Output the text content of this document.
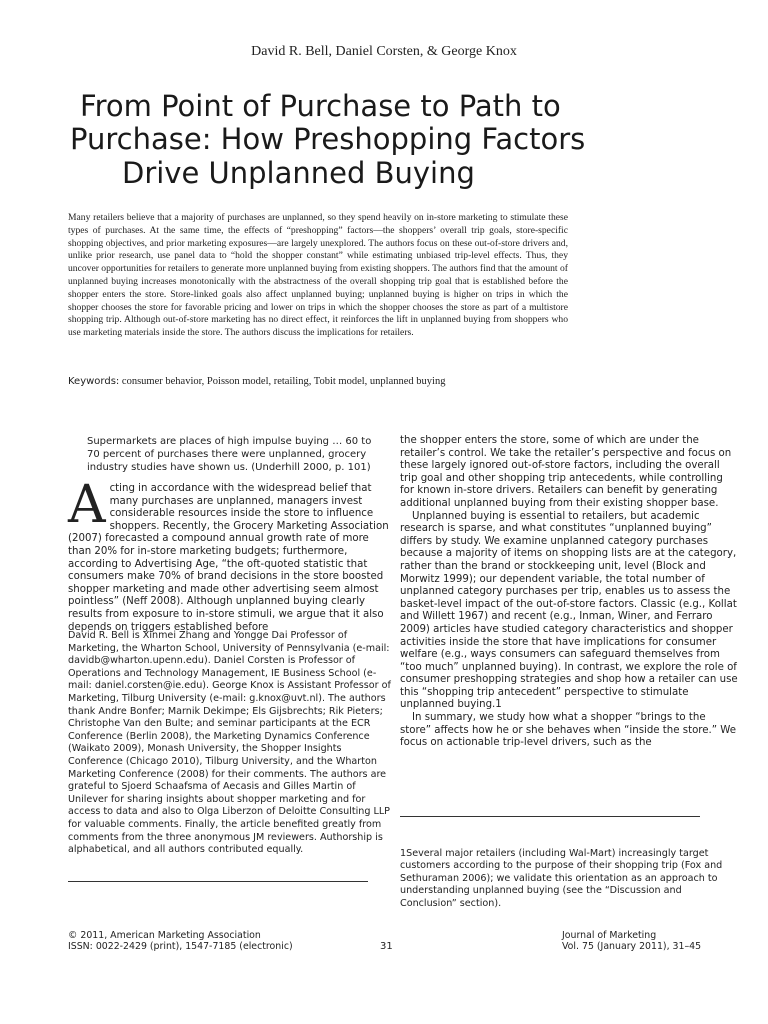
David R. Bell, Daniel Corsten, & George Knox
From Point of Purchase to Path to
Purchase: How Preshopping Factors
Drive Unplanned Buying
Many retailers believe that a majority of purchases are unplanned, so they spend heavily on in-store marketing to stimulate these types of purchases. At the same time, the effects of “preshopping” factors—the shoppers’ overall trip goals, store-specific shopping objectives, and prior marketing exposures—are largely unexplored. The authors focus on these out-of-store drivers and, unlike prior research, use panel data to “hold the shopper constant” while estimating unbiased trip-level effects. Thus, they uncover opportunities for retailers to generate more unplanned buying from existing shoppers. The authors find that the amount of unplanned buying increases monotonically with the abstractness of the overall shopping trip goal that is established before the shopper enters the store. Store-linked goals also affect unplanned buying; unplanned buying is higher on trips in which the shopper chooses the store for favorable pricing and lower on trips in which the shopper chooses the store as part of a multistore shopping trip. Although out-of-store marketing has no direct effect, it reinforces the lift in unplanned buying from shoppers who use marketing materials inside the store. The authors discuss the implications for retailers.
Keywords: consumer behavior, Poisson model, retailing, Tobit model, unplanned buying
Supermarkets are places of high impulse buying … 60 to 70 percent of purchases there were unplanned, grocery industry studies have shown us. (Underhill 2000, p. 101)
Acting in accordance with the widespread belief that many purchases are unplanned, managers invest considerable resources inside the store to influence shoppers. Recently, the Grocery Marketing Association (2007) forecasted a compound annual growth rate of more than 20% for in-store marketing budgets; furthermore, according to Advertising Age, “the oft-quoted statistic that consumers make 70% of brand decisions in the store boosted shopper marketing and made other advertising seem almost pointless” (Neff 2008). Although unplanned buying clearly results from exposure to in-store stimuli, we argue that it also depends on triggers established before
David R. Bell is Xinmei Zhang and Yongge Dai Professor of Marketing, the Wharton School, University of Pennsylvania (e-mail: davidb@wharton.upenn.edu). Daniel Corsten is Professor of Operations and Technology Management, IE Business School (e-mail: daniel.corsten@ie.edu). George Knox is Assistant Professor of Marketing, Tilburg University (e-mail: g.knox@uvt.nl). The authors thank Andre Bonfer; Marnik Dekimpe; Els Gijsbrechts; Rik Pieters; Christophe Van den Bulte; and seminar participants at the ECR Conference (Berlin 2008), the Marketing Dynamics Conference (Waikato 2009), Monash University, the Shopper Insights Conference (Chicago 2010), Tilburg University, and the Wharton Marketing Conference (2008) for their comments. The authors are grateful to Sjoerd Schaafsma of Aecasis and Gilles Martin of Unilever for sharing insights about shopper marketing and for access to data and also to Olga Liberzon of Deloitte Consulting LLP for valuable comments. Finally, the article benefited greatly from comments from the three anonymous JM reviewers. Authorship is alphabetical, and all authors contributed equally.

the shopper enters the store, some of which are under the retailer’s control. We take the retailer’s perspective and focus on these largely ignored out-of-store factors, including the overall trip goal and other shopping trip antecedents, while controlling for known in-store drivers. Retailers can benefit by generating additional unplanned buying from their existing shopper base.

Unplanned buying is essential to retailers, but academic research is sparse, and what constitutes “unplanned buying” differs by study. We examine unplanned category purchases because a majority of items on shopping lists are at the category, rather than the brand or stockkeeping unit, level (Block and Morwitz 1999); our dependent variable, the total number of unplanned category purchases per trip, enables us to assess the basket-level impact of the out-of-store factors. Classic (e.g., Kollat and Willett 1967) and recent (e.g., Inman, Winer, and Ferraro 2009) articles have studied category characteristics and shopper activities inside the store that have implications for consumer welfare (e.g., ways consumers can safeguard themselves from “too much” unplanned buying). In contrast, we explore the role of consumer preshopping strategies and shop how a retailer can use this “shopping trip antecedent” perspective to stimulate unplanned buying.1

In summary, we study how what a shopper “brings to the store” affects how he or she behaves when “inside the store.” We focus on actionable trip-level drivers, such as the

1Several major retailers (including Wal-Mart) increasingly target customers according to the purpose of their shopping trip (Fox and Sethuraman 2006); we validate this orientation as an approach to understanding unplanned buying (see the “Discussion and Conclusion” section).
© 2011, American Marketing Association
ISSN: 0022-2429 (print), 1547-7185 (electronic)	31
Journal of Marketing
Vol. 75 (January 2011), 31–45
